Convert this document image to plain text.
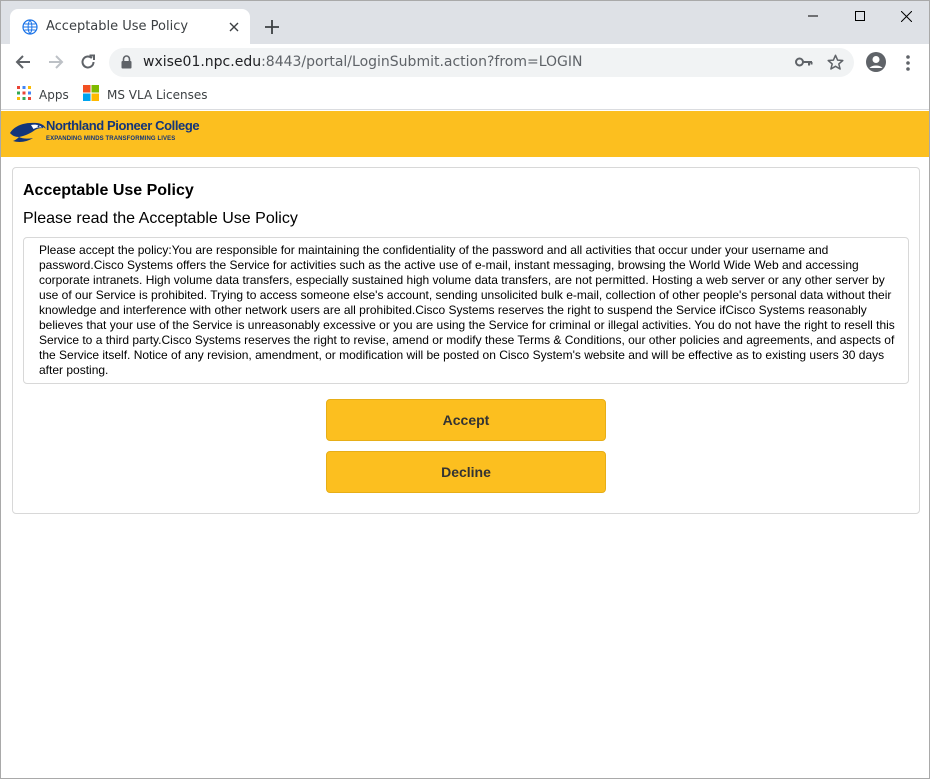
Acceptable Use Policy
wxise01.npc.edu:8443/portal/LoginSubmit.action?from=LOGIN
Apps	MS VLA Licenses
Northland Pioneer College
EXPANDING MINDS TRANSFORMING LIVES
Acceptable Use Policy
Please read the Acceptable Use Policy
Please accept the policy:You are responsible for maintaining the confidentiality of the password and all activities that occur under your username and password.Cisco Systems offers the Service for activities such as the active use of e-mail, instant messaging, browsing the World Wide Web and accessing corporate intranets. High volume data transfers, especially sustained high volume data transfers, are not permitted. Hosting a web server or any other server by use of our Service is prohibited. Trying to access someone else's account, sending unsolicited bulk e-mail, collection of other people's personal data without their knowledge and interference with other network users are all prohibited.Cisco Systems reserves the right to suspend the Service ifCisco Systems reasonably believes that your use of the Service is unreasonably excessive or you are using the Service for criminal or illegal activities. You do not have the right to resell this Service to a third party.Cisco Systems reserves the right to revise, amend or modify these Terms & Conditions, our other policies and agreements, and aspects of the Service itself. Notice of any revision, amendment, or modification will be posted on Cisco System's website and will be effective as to existing users 30 days after posting.
Accept
Decline
